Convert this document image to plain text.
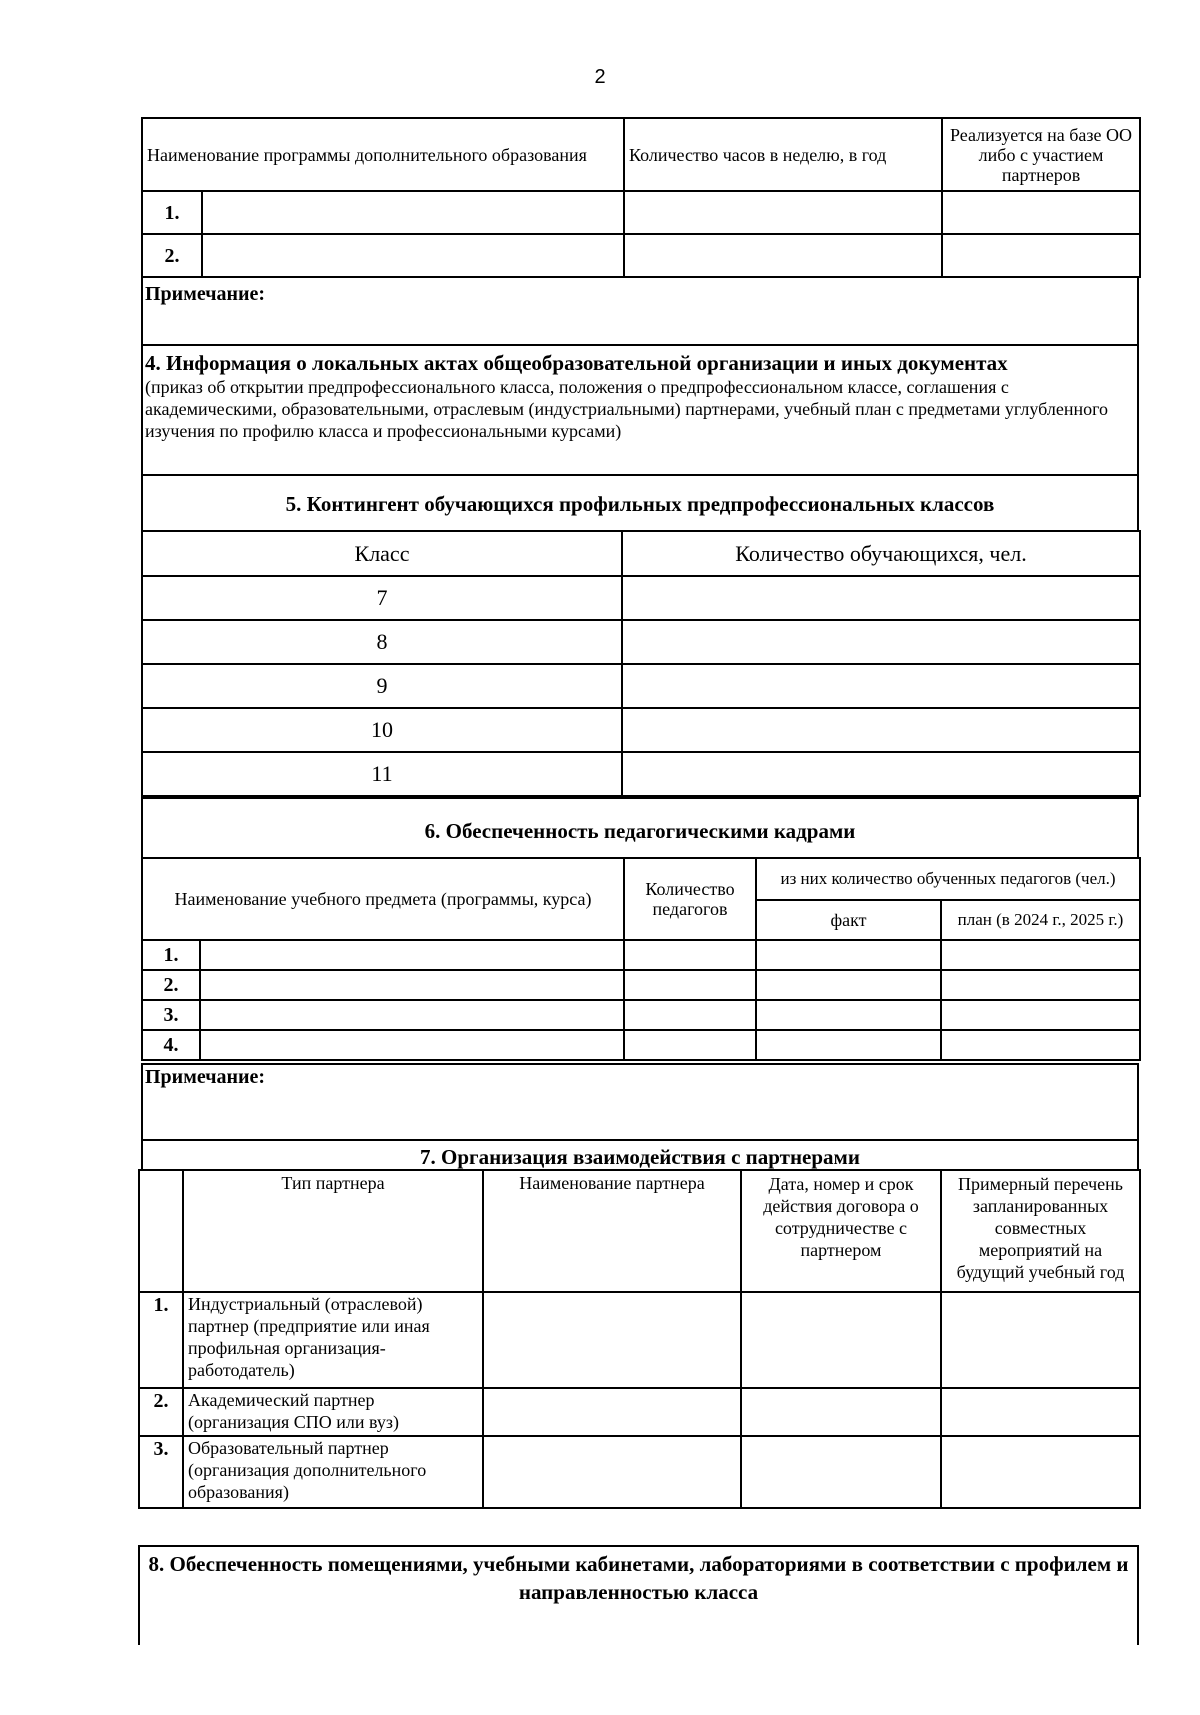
2
Наименование программы дополнительного образования		Количество часов в неделю, в год	Реализуется на базе ОО либо с участием партнеров
1.			
2.			
Примечание:
4. Информация о локальных актах общеобразовательной организации и иных документах
(приказ об открытии предпрофессионального класса, положения о предпрофессиональном классе, соглашения с академическими, образовательными, отраслевым (индустриальными) партнерами, учебный план с предметами углубленного изучения по профилю класса и профессиональными курсами)
5. Контингент обучающихся профильных предпрофессиональных классов
Класс	Количество обучающихся, чел.
7	
8	
9	
10	
11	
6. Обеспеченность педагогическими кадрами
Наименование учебного предмета (программы, курса)		Количество педагогов	из них количество обученных педагогов (чел.)	
			факт	план (в 2024 г., 2025 г.)
1.				
2.				
3.				
4.				
Примечание:
7. Организация взаимодействия с партнерами
	Тип партнера	Наименование партнера	Дата, номер и срок действия договора о сотрудничестве с партнером	Примерный перечень запланированных совместных мероприятий на будущий учебный год
1.	Индустриальный (отраслевой) партнер (предприятие или иная профильная организация-работодатель)			
2.	Академический партнер (организация СПО или вуз)			
3.	Образовательный партнер (организация дополнительного образования)			
8. Обеспеченность помещениями, учебными кабинетами, лабораториями в соответствии с профилем и направленностью класса
